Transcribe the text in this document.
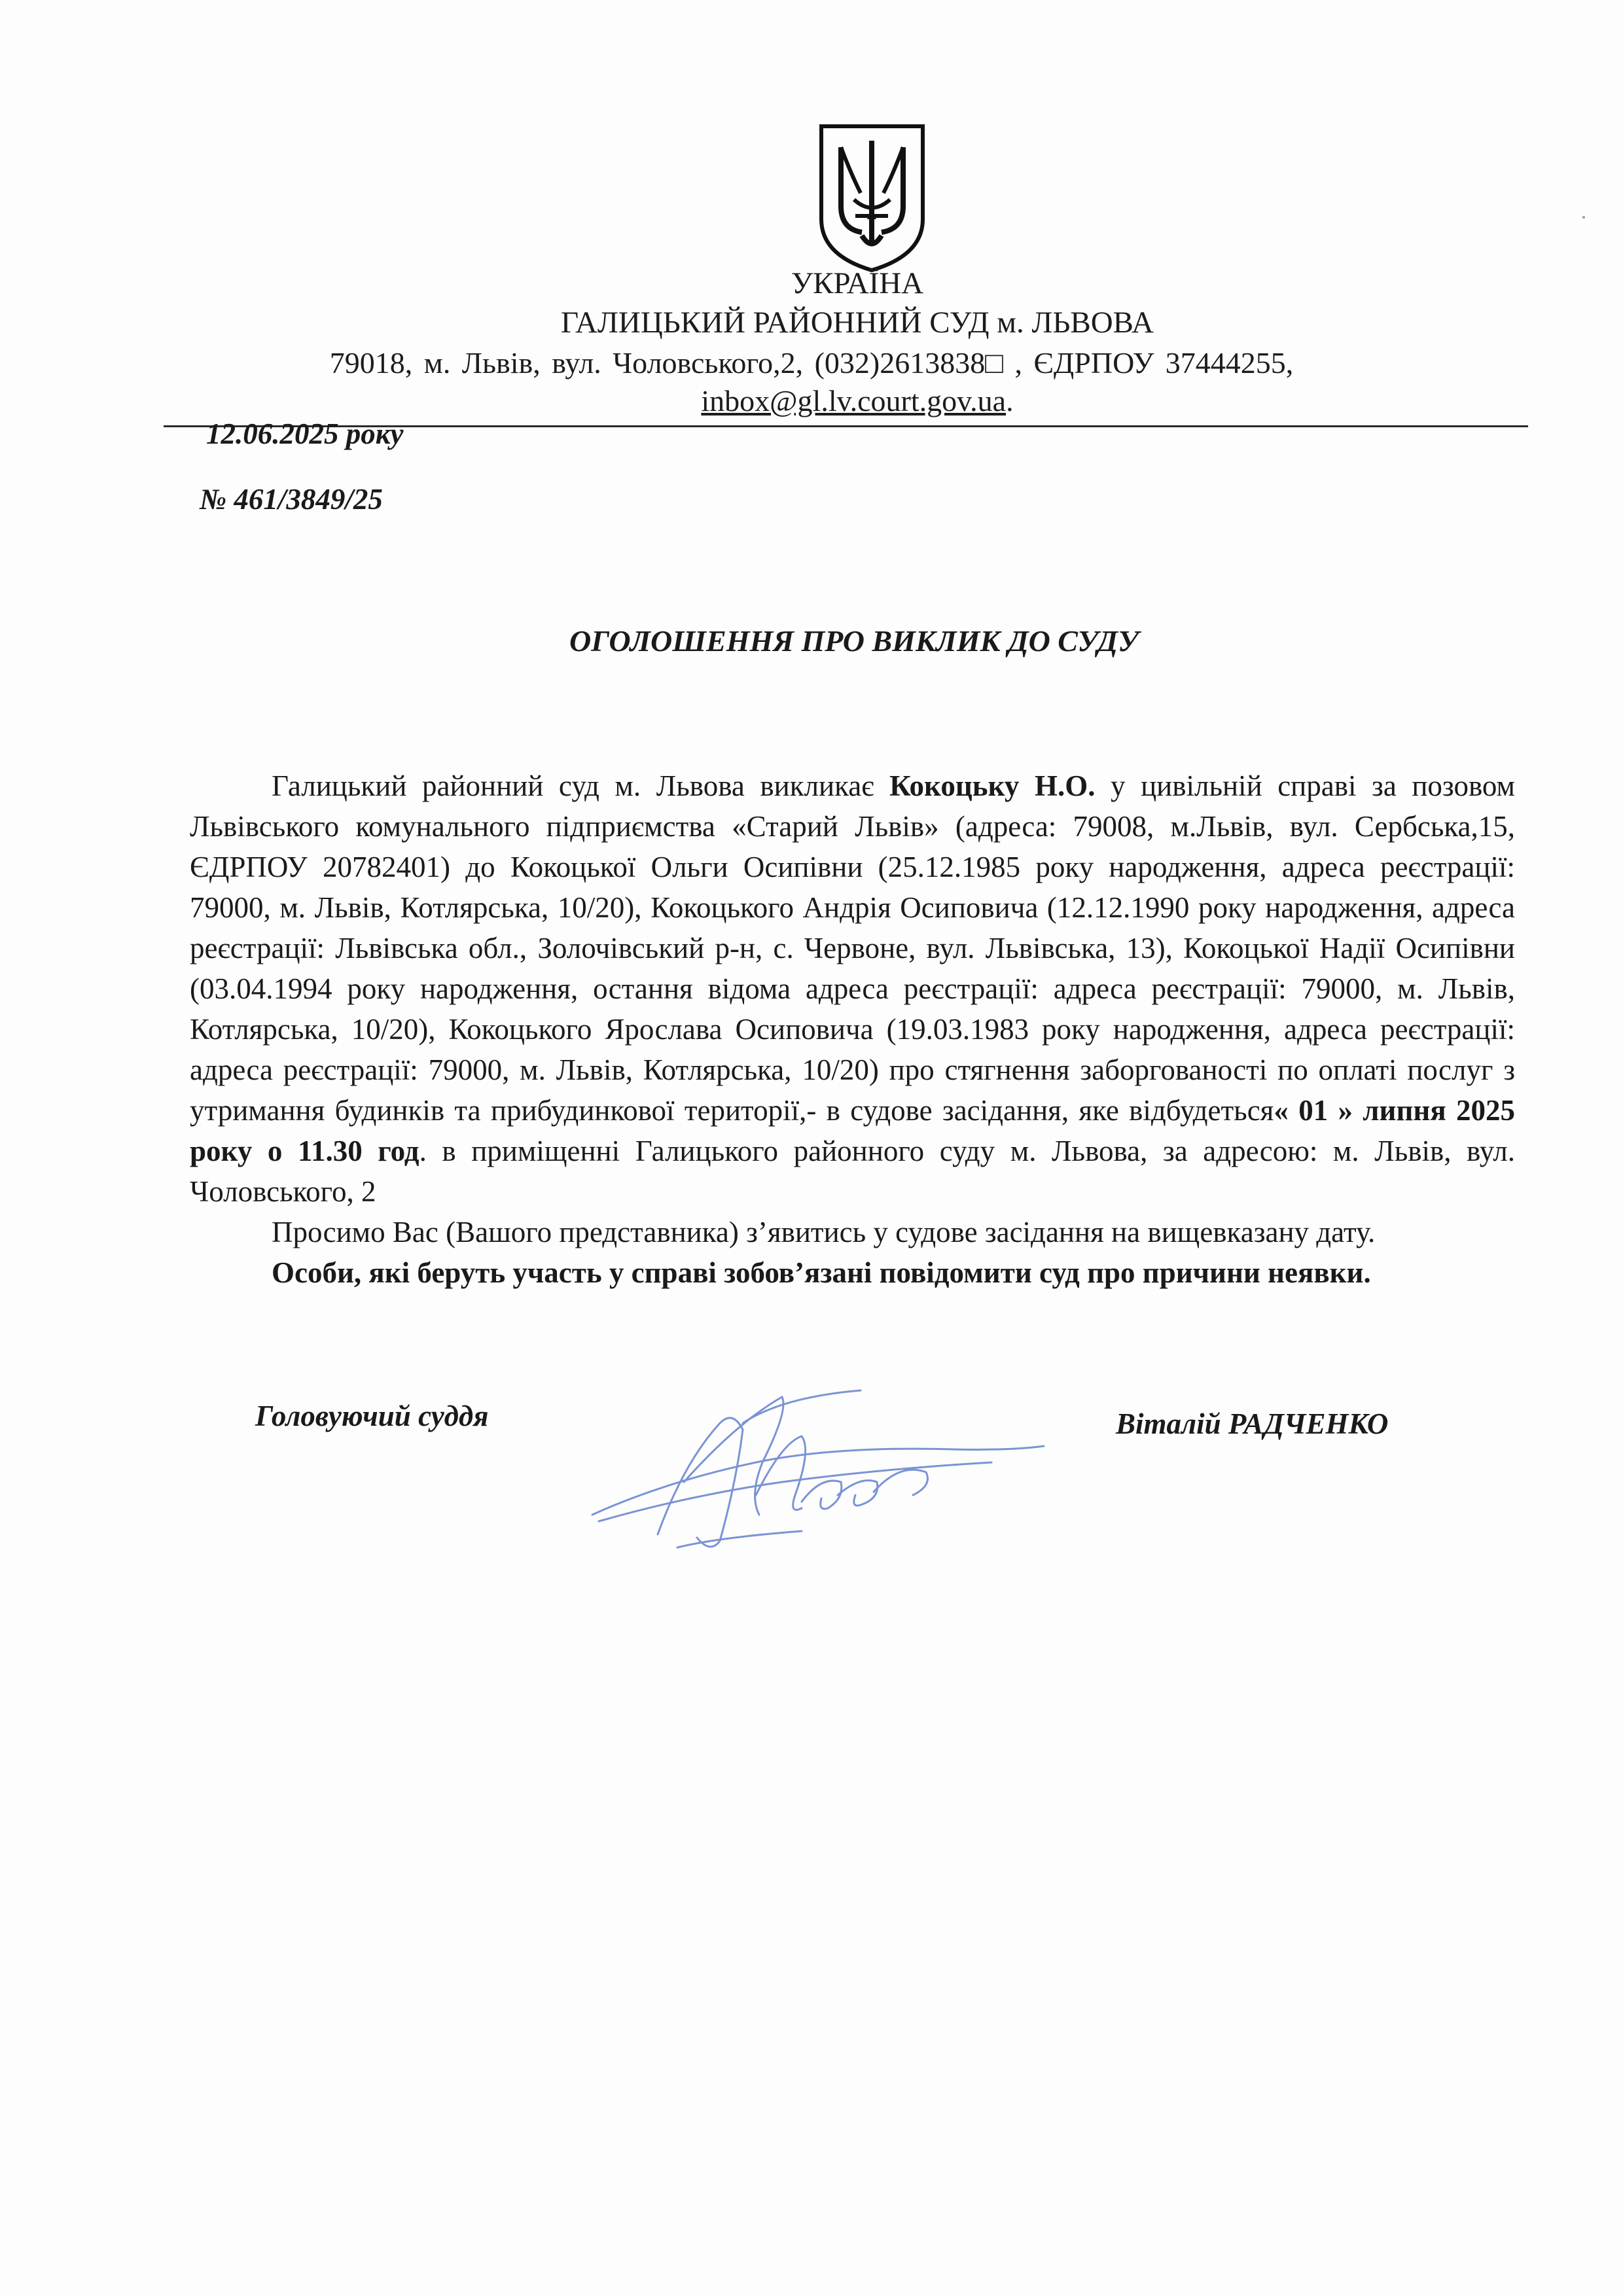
УКРАЇНА
ГАЛИЦЬКИЙ РАЙОННИЙ СУД м. ЛЬВОВА
79018, м. Львів, вул. Чоловського,2, (032)2613838□ , ЄДРПОУ 37444255,
inbox@gl.lv.court.gov.ua.
12.06.2025 року
№ 461/3849/25
ОГОЛОШЕННЯ ПРО ВИКЛИК ДО СУДУ

Галицький районний суд м. Львова викликає Кокоцьку Н.О. у цивільній справі за позовом Львівського комунального підприємства «Старий Львів» (адреса: 79008, м.Львів, вул. Сербська,15, ЄДРПОУ 20782401) до Кокоцької Ольги Осипівни (25.12.1985 року народження, адреса реєстрації: 79000, м. Львів, Котлярська, 10/20), Кокоцького Андрія Осиповича (12.12.1990 року народження, адреса реєстрації: Львівська обл., Золочівський р-н, с. Червоне, вул. Львівська, 13), Кокоцької Надії Осипівни (03.04.1994 року народження, остання відома адреса реєстрації: адреса реєстрації: 79000, м. Львів, Котлярська, 10/20), Кокоцького Ярослава Осиповича (19.03.1983 року народження, адреса реєстрації: адреса реєстрації: 79000, м. Львів, Котлярська, 10/20) про стягнення заборгованості по оплаті послуг з утримання будинків та прибудинкової території,- в судове засідання, яке відбудеться« 01 » липня 2025 року о 11.30 год. в приміщенні Галицького районного суду м. Львова, за адресою: м. Львів, вул. Чоловського, 2

Просимо Вас (Вашого представника) з’явитись у судове засідання на вищевказану дату.

Особи, які беруть участь у справі зобов’язані повідомити суд про причини неявки.

Головуючий суддя	Віталій РАДЧЕНКО
